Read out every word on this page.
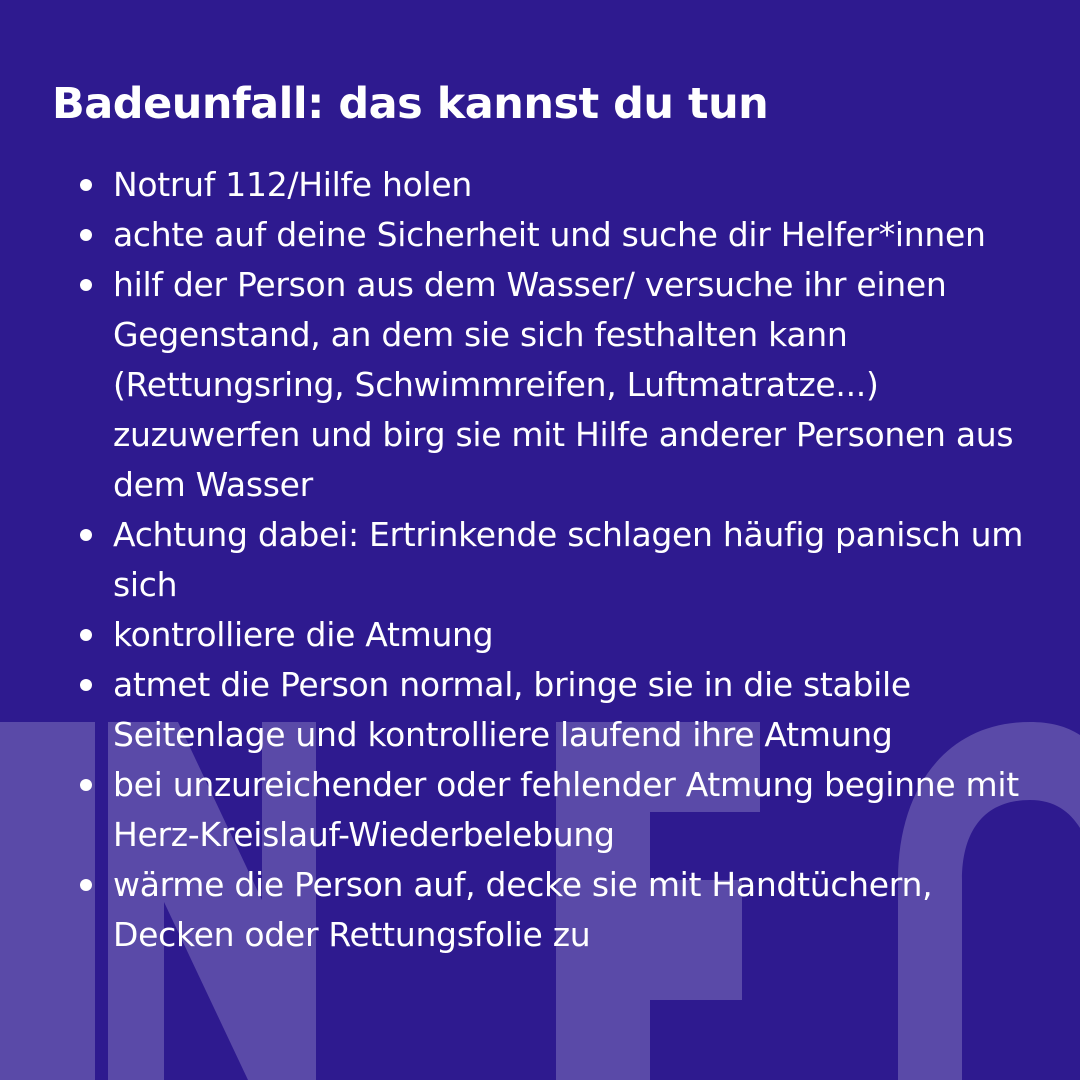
Badeunfall: das kannst du tun
Notruf 112/Hilfe holen
achte auf deine Sicherheit und suche dir Helfer*innen
hilf der Person aus dem Wasser/ versuche ihr einen Gegenstand, an dem sie sich festhalten kann (Rettungsring, Schwimmreifen, Luftmatratze...) zuzuwerfen und birg sie mit Hilfe anderer Personen aus dem Wasser
Achtung dabei: Ertrinkende schlagen häufig panisch um sich
kontrolliere die Atmung
atmet die Person normal, bringe sie in die stabile Seitenlage und kontrolliere laufend ihre Atmung
bei unzureichender oder fehlender Atmung beginne mit Herz-Kreislauf-Wiederbelebung
wärme die Person auf, decke sie mit Handtüchern, Decken oder Rettungsfolie zu
